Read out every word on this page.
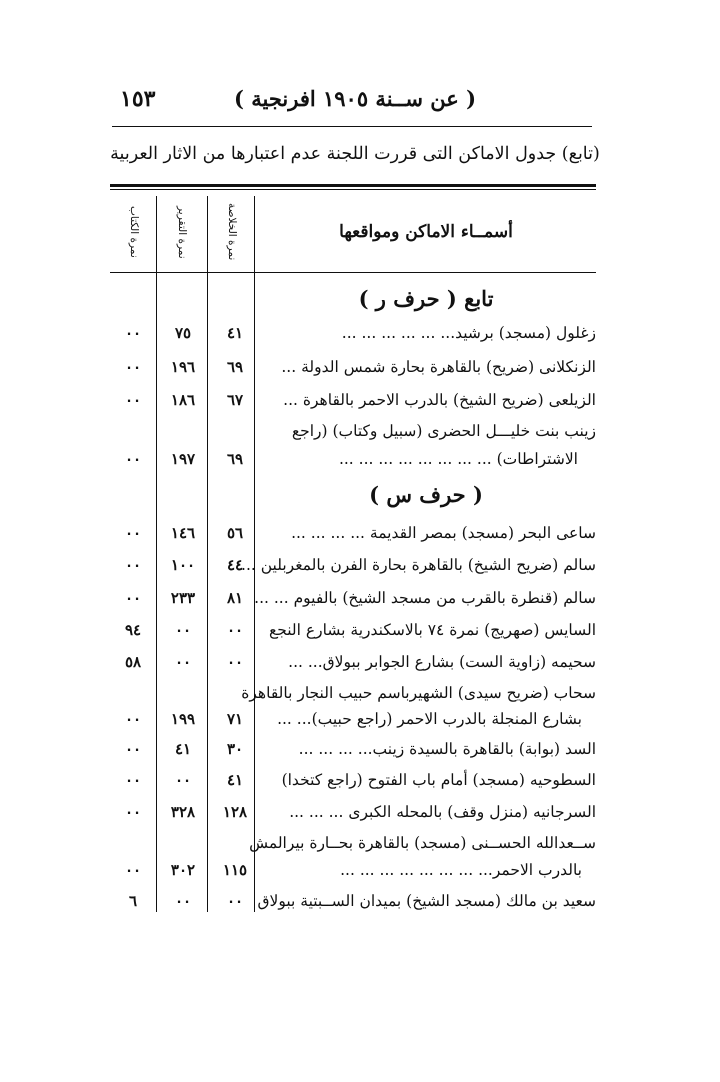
١٥٣	( عن ســنة ١٩٠٥ افرنجية )
(تابع) جدول الاماكن التى قررت اللجنة عدم اعتبارها من الاثار العربية
أسمــاء الاماكن ومواقعها
نمرة الخلاصة
نمرة التقرير
نمرة الكتاب
تابع ( حرف ر )
زغلول (مسجد) برشيد... ... ... ... ... ...
٤١
٧٥
٠٠
الزنكلانى (ضريح) بالقاهرة بحارة شمس الدولة ...
٦٩
١٩٦
٠٠
الزيلعى (ضريح الشيخ) بالدرب الاحمر بالقاهرة ...
٦٧
١٨٦
٠٠
زينب بنت خليـــل الحضرى (سبيل وكتاب) (راجع
الاشتراطات) ... ... ... ... ... ... ... ...
٦٩
١٩٧
٠٠
( حرف س )
ساعى البحر (مسجد) بمصر القديمة ... ... ... ...
٥٦
١٤٦
٠٠
سالم (ضريح الشيخ) بالقاهرة بحارة الفرن بالمغربلين ...
٤٤
١٠٠
٠٠
سالم (قنطرة بالقرب من مسجد الشيخ) بالفيوم ... ...
٨١
٢٣٣
٠٠
السايس (صهريج) نمرة ٧٤ بالاسكندرية بشارع النجع
٠٠
٠٠
٩٤
سحيمه (زاوية الست) بشارع الجوابر ببولاق... ...
٠٠
٠٠
٥٨
سحاب (ضريح سيدى) الشهيرباسم حبيب النجار بالقاهرة
بشارع المنجلة بالدرب الاحمر (راجع حبيب)... ...
٧١
١٩٩
٠٠
السد (بوابة) بالقاهرة بالسيدة زينب... ... ... ...
٣٠
٤١
٠٠
السطوحيه (مسجد) أمام باب الفتوح (راجع كتخدا)
٤١
٠٠
٠٠
السرجانيه (منزل وقف) بالمحله الكبرى ... ... ...
١٢٨
٣٢٨
٠٠
ســعدالله الحســنى (مسجد) بالقاهرة بحــارة بيرالمش
بالدرب الاحمر... ... ... ... ... ... ... ...
١١٥
٣٠٢
٠٠
سعيد بن مالك (مسجد الشيخ) بميدان الســبتية ببولاق
٠٠
٠٠
٦
